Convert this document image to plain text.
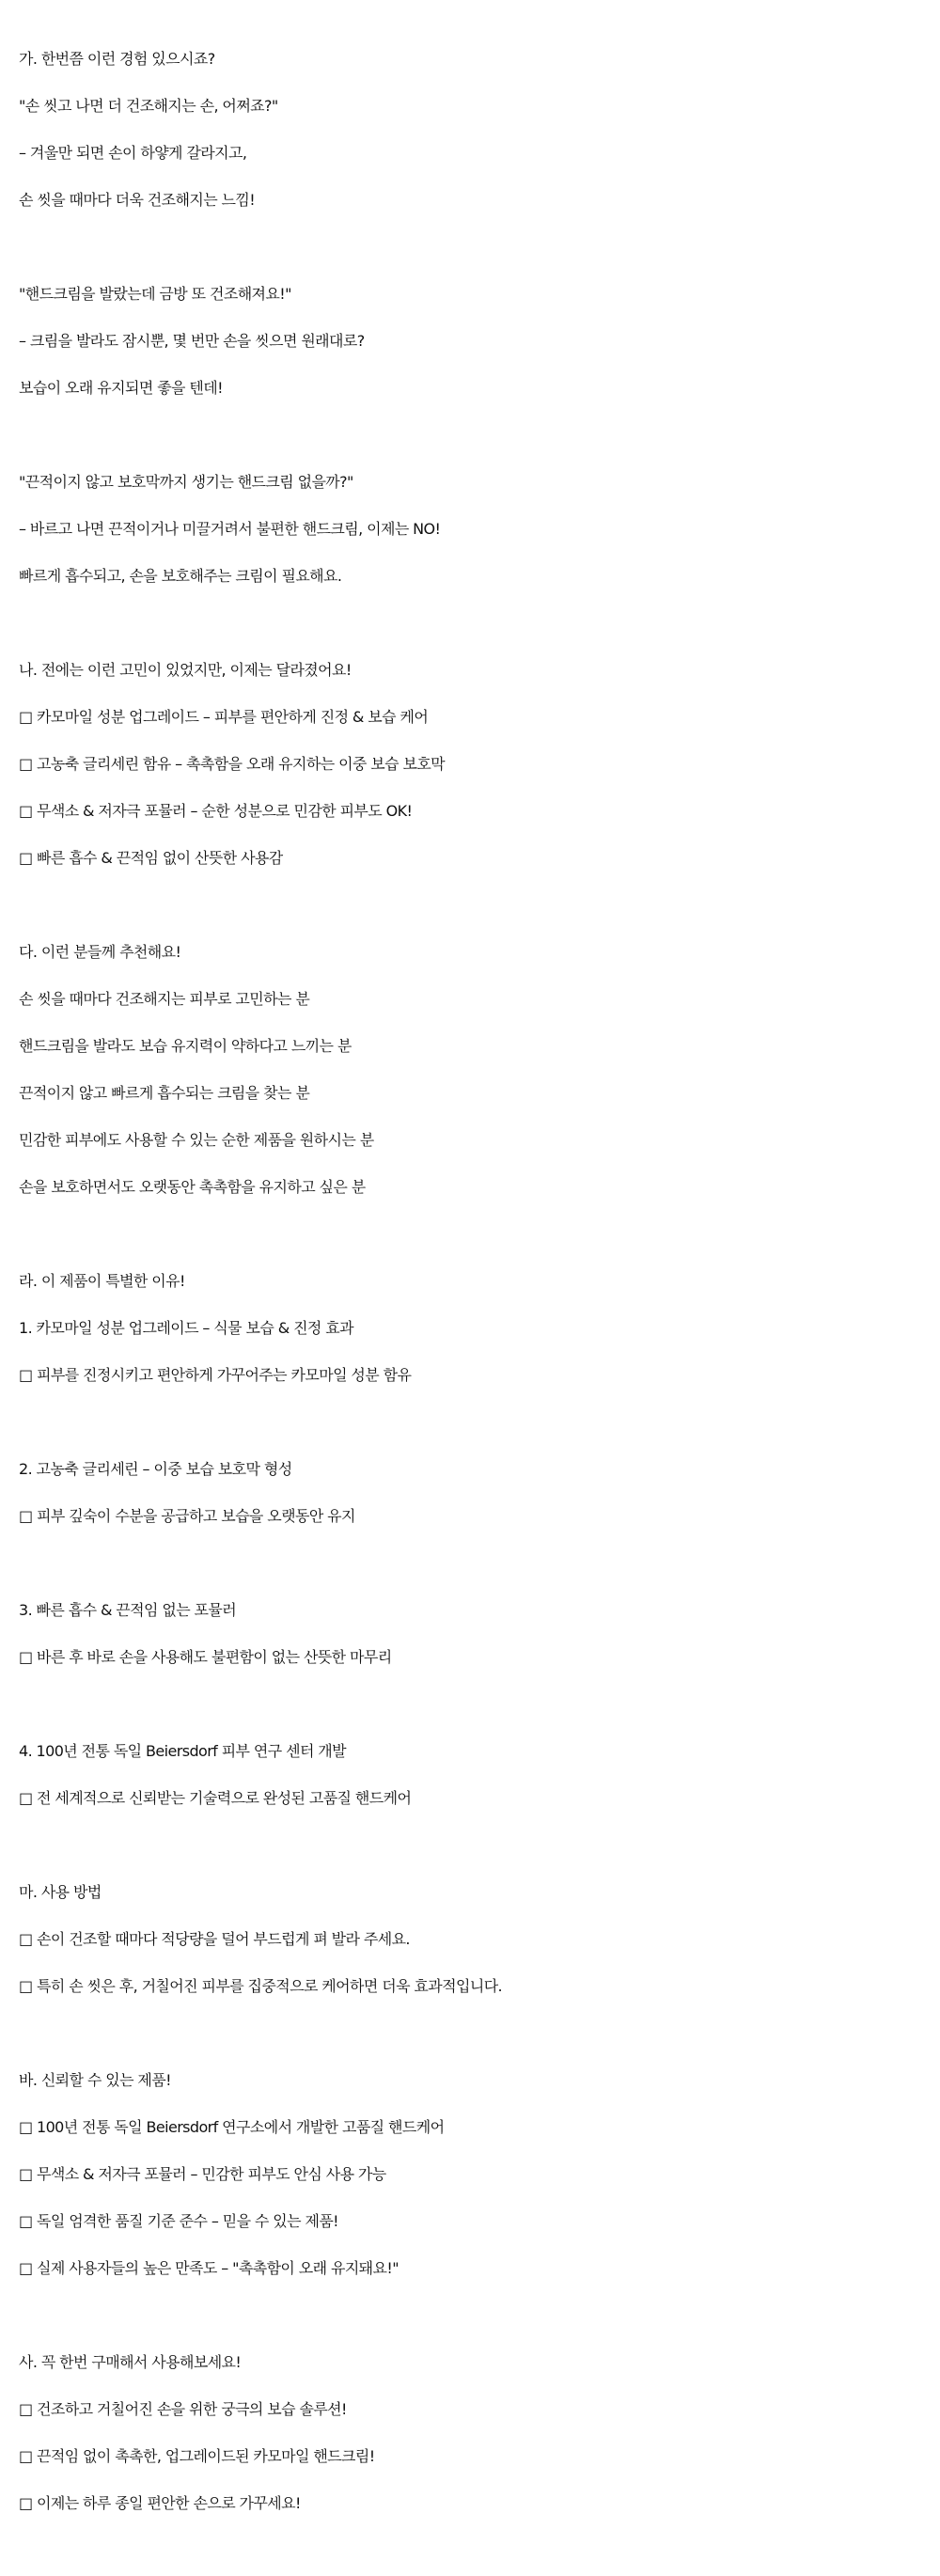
가. 한번쯤 이런 경험 있으시죠?
"손 씻고 나면 더 건조해지는 손, 어쩌죠?"
– 겨울만 되면 손이 하얗게 갈라지고,
손 씻을 때마다 더욱 건조해지는 느낌!
"핸드크림을 발랐는데 금방 또 건조해져요!"
– 크림을 발라도 잠시뿐, 몇 번만 손을 씻으면 원래대로?
보습이 오래 유지되면 좋을 텐데!
"끈적이지 않고 보호막까지 생기는 핸드크림 없을까?"
– 바르고 나면 끈적이거나 미끌거려서 불편한 핸드크림, 이제는 NO!
빠르게 흡수되고, 손을 보호해주는 크림이 필요해요.
나. 전에는 이런 고민이 있었지만, 이제는 달라졌어요!
□ 카모마일 성분 업그레이드 – 피부를 편안하게 진정 & 보습 케어
□ 고농축 글리세린 함유 – 촉촉함을 오래 유지하는 이중 보습 보호막
□ 무색소 & 저자극 포뮬러 – 순한 성분으로 민감한 피부도 OK!
□ 빠른 흡수 & 끈적임 없이 산뜻한 사용감
다. 이런 분들께 추천해요!
손 씻을 때마다 건조해지는 피부로 고민하는 분
핸드크림을 발라도 보습 유지력이 약하다고 느끼는 분
끈적이지 않고 빠르게 흡수되는 크림을 찾는 분
민감한 피부에도 사용할 수 있는 순한 제품을 원하시는 분
손을 보호하면서도 오랫동안 촉촉함을 유지하고 싶은 분
라. 이 제품이 특별한 이유!
1. 카모마일 성분 업그레이드 – 식물 보습 & 진정 효과
□ 피부를 진정시키고 편안하게 가꾸어주는 카모마일 성분 함유
2. 고농축 글리세린 – 이중 보습 보호막 형성
□ 피부 깊숙이 수분을 공급하고 보습을 오랫동안 유지
3. 빠른 흡수 & 끈적임 없는 포뮬러
□ 바른 후 바로 손을 사용해도 불편함이 없는 산뜻한 마무리
4. 100년 전통 독일 Beiersdorf 피부 연구 센터 개발
□ 전 세계적으로 신뢰받는 기술력으로 완성된 고품질 핸드케어
마. 사용 방법
□ 손이 건조할 때마다 적당량을 덜어 부드럽게 펴 발라 주세요.
□ 특히 손 씻은 후, 거칠어진 피부를 집중적으로 케어하면 더욱 효과적입니다.
바. 신뢰할 수 있는 제품!
□ 100년 전통 독일 Beiersdorf 연구소에서 개발한 고품질 핸드케어
□ 무색소 & 저자극 포뮬러 – 민감한 피부도 안심 사용 가능
□ 독일 엄격한 품질 기준 준수 – 믿을 수 있는 제품!
□ 실제 사용자들의 높은 만족도 – "촉촉함이 오래 유지돼요!"
사. 꼭 한번 구매해서 사용해보세요!
□ 건조하고 거칠어진 손을 위한 궁극의 보습 솔루션!
□ 끈적임 없이 촉촉한, 업그레이드된 카모마일 핸드크림!
□ 이제는 하루 종일 편안한 손으로 가꾸세요!
